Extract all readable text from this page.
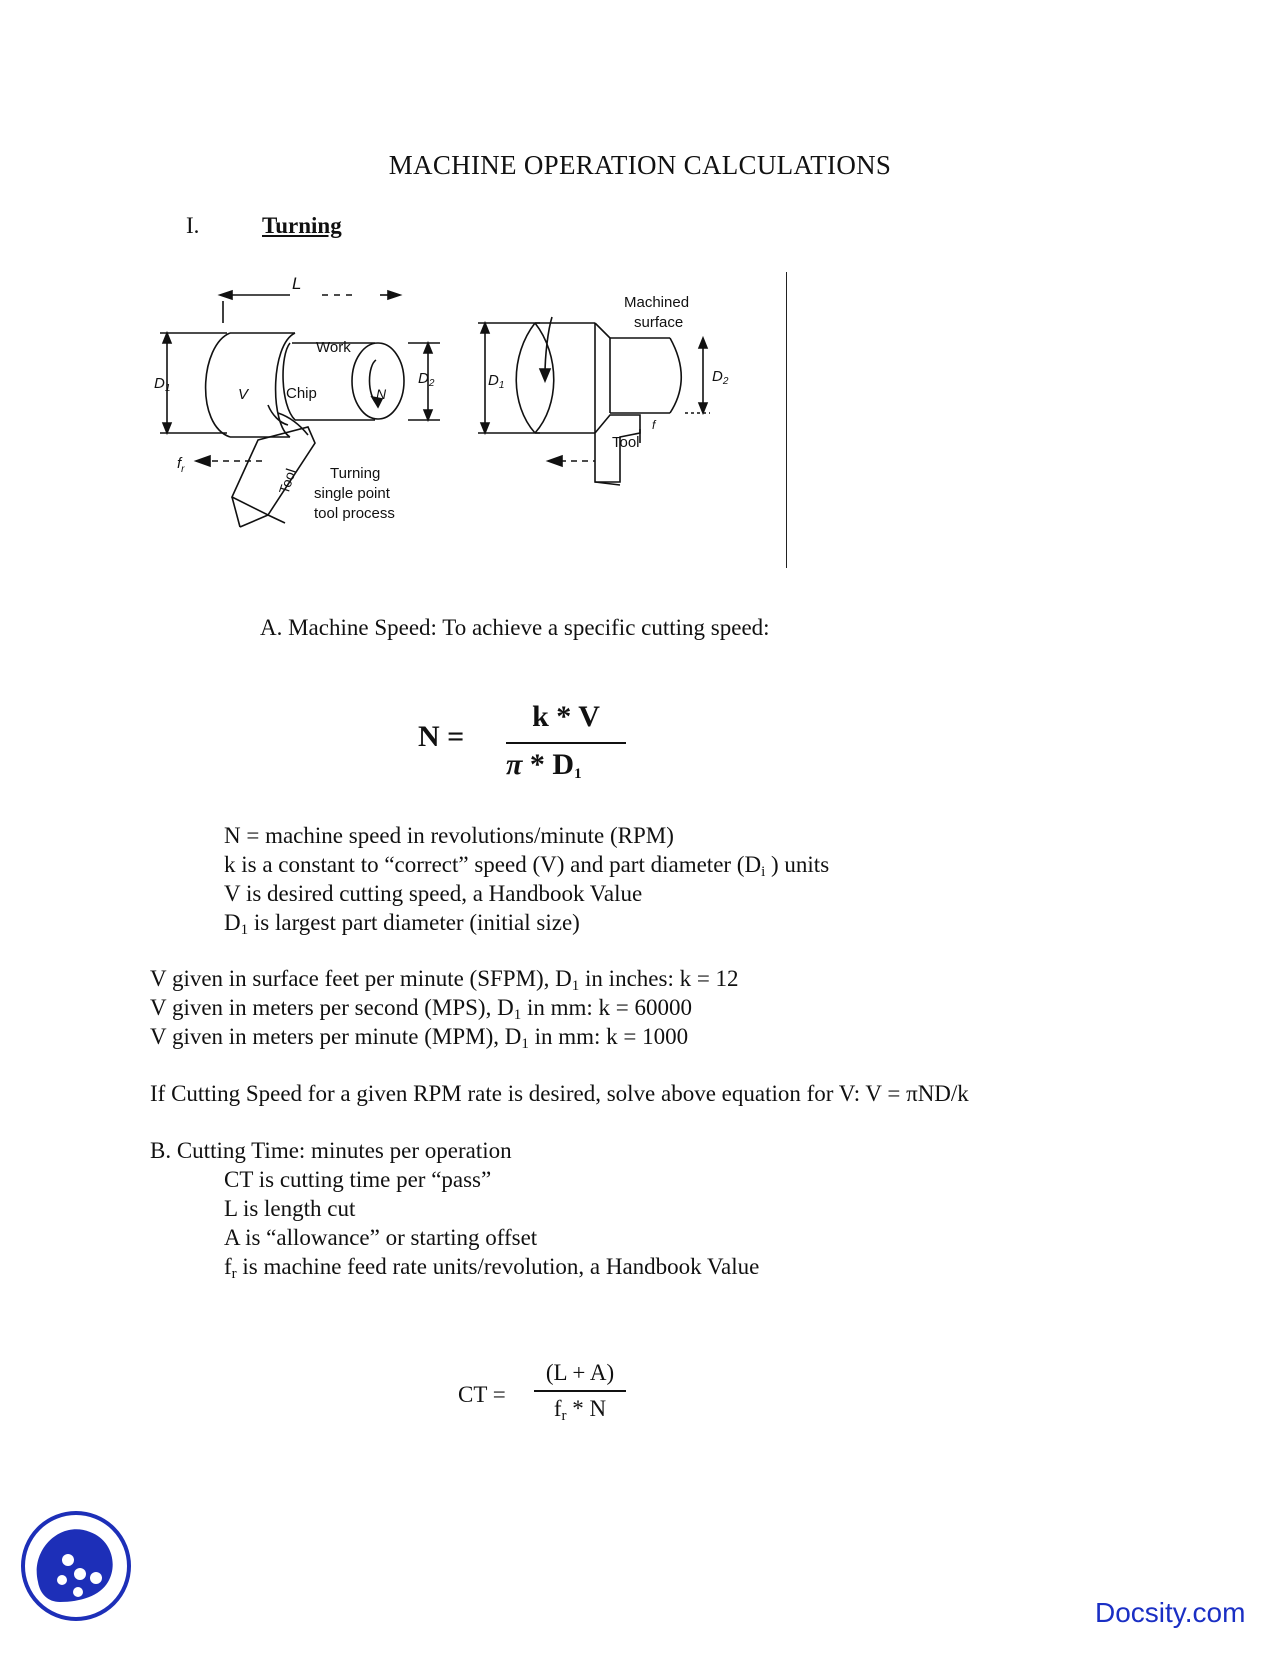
MACHINE OPERATION CALCULATIONS
I.	Turning
L
Work
Chip
$D_1$
$D_2$
V	N
$f_r$	Tool Turning
single point
tool process
Machined
surface
$D_1$
$D_2$
f
Tool
A. Machine Speed: To achieve a specific cutting speed:
N =
k * V
π * $D_1$
N = machine speed in revolutions/minute (RPM)
k is a constant to “correct” speed (V) and part diameter ($D_i$ ) units
V is desired cutting speed, a Handbook Value
$D_1$ is largest part diameter (initial size)
V given in surface feet per minute (SFPM), $D_1$ in inches: k = 12
V given in meters per second (MPS), $D_1$ in mm: k = 60000
V given in meters per minute (MPM), $D_1$ in mm: k = 1000
If Cutting Speed for a given RPM rate is desired, solve above equation for V: V = πND/k
B. Cutting Time: minutes per operation
CT is cutting time per “pass”
L is length cut
A is “allowance” or starting offset
$f_r$ is machine feed rate units/revolution, a Handbook Value
CT =
(L + A)
$f_r$ * N
Docsity.com
